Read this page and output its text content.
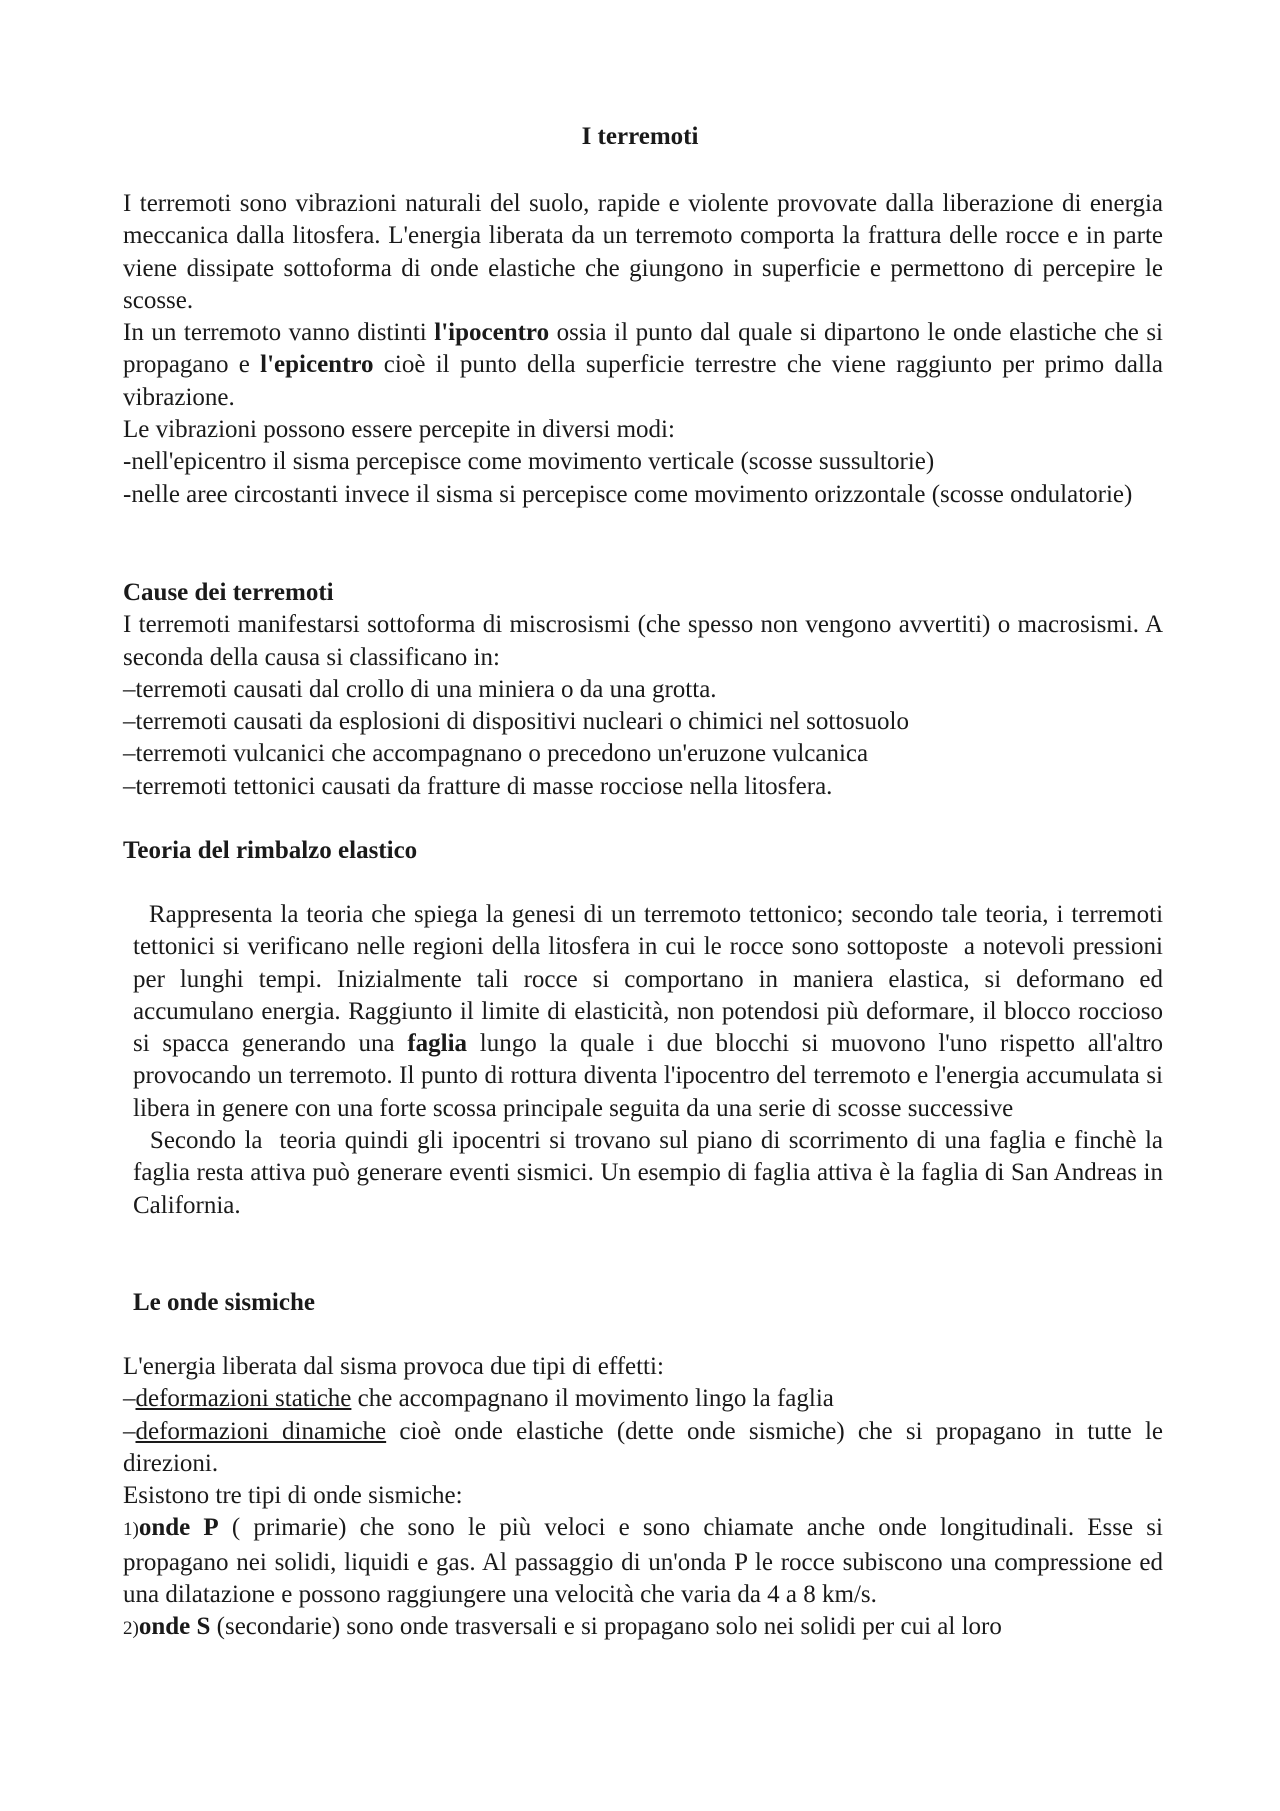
I terremoti

I terremoti sono vibrazioni naturali del suolo, rapide e violente provovate dalla liberazione di energia meccanica dalla litosfera. L'energia liberata da un terremoto comporta la frattura delle rocce e in parte viene dissipate sottoforma di onde elastiche che giungono in superficie e permettono di percepire le scosse.

In un terremoto vanno distinti l'ipocentro ossia il punto dal quale si dipartono le onde elastiche che si propagano e l'epicentro cioè il punto della superficie terrestre che viene raggiunto per primo dalla vibrazione.

Le vibrazioni possono essere percepite in diversi modi:

-nell'epicentro il sisma percepisce come movimento verticale (scosse sussultorie)

-nelle aree circostanti invece il sisma si percepisce come movimento orizzontale (scosse ondulatorie)

Cause dei terremoti

I terremoti manifestarsi sottoforma di miscrosismi (che spesso non vengono avvertiti) o macrosismi. A seconda della causa si classificano in:

–terremoti causati dal crollo di una miniera o da una grotta.

–terremoti causati da esplosioni di dispositivi nucleari o chimici nel sottosuolo

–terremoti vulcanici che accompagnano o precedono un'eruzone vulcanica

–terremoti tettonici causati da fratture di masse rocciose nella litosfera.

Teoria del rimbalzo elastico

Rappresenta la teoria che spiega la genesi di un terremoto tettonico; secondo tale teoria, i terremoti tettonici si verificano nelle regioni della litosfera in cui le rocce sono sottoposte  a notevoli pressioni per lunghi tempi. Inizialmente tali rocce si comportano in maniera elastica, si deformano ed accumulano energia. Raggiunto il limite di elasticità, non potendosi più deformare, il blocco roccioso si spacca generando una faglia lungo la quale i due blocchi si muovono l'uno rispetto all'altro provocando un terremoto. Il punto di rottura diventa l'ipocentro del terremoto e l'energia accumulata si libera in genere con una forte scossa principale seguita da una serie di scosse successive

Secondo la  teoria quindi gli ipocentri si trovano sul piano di scorrimento di una faglia e finchè la faglia resta attiva può generare eventi sismici. Un esempio di faglia attiva è la faglia di San Andreas in California.

Le onde sismiche

L'energia liberata dal sisma provoca due tipi di effetti:

–deformazioni statiche che accompagnano il movimento lingo la faglia

–deformazioni dinamiche cioè onde elastiche (dette onde sismiche) che si propagano in tutte le direzioni.

Esistono tre tipi di onde sismiche:

1)onde P ( primarie) che sono le più veloci e sono chiamate anche onde longitudinali. Esse si propagano nei solidi, liquidi e gas. Al passaggio di un'onda P le rocce subiscono una compressione ed una dilatazione e possono raggiungere una velocità che varia da 4 a 8 km/s.

2)onde S (secondarie) sono onde trasversali e si propagano solo nei solidi per cui al loro
